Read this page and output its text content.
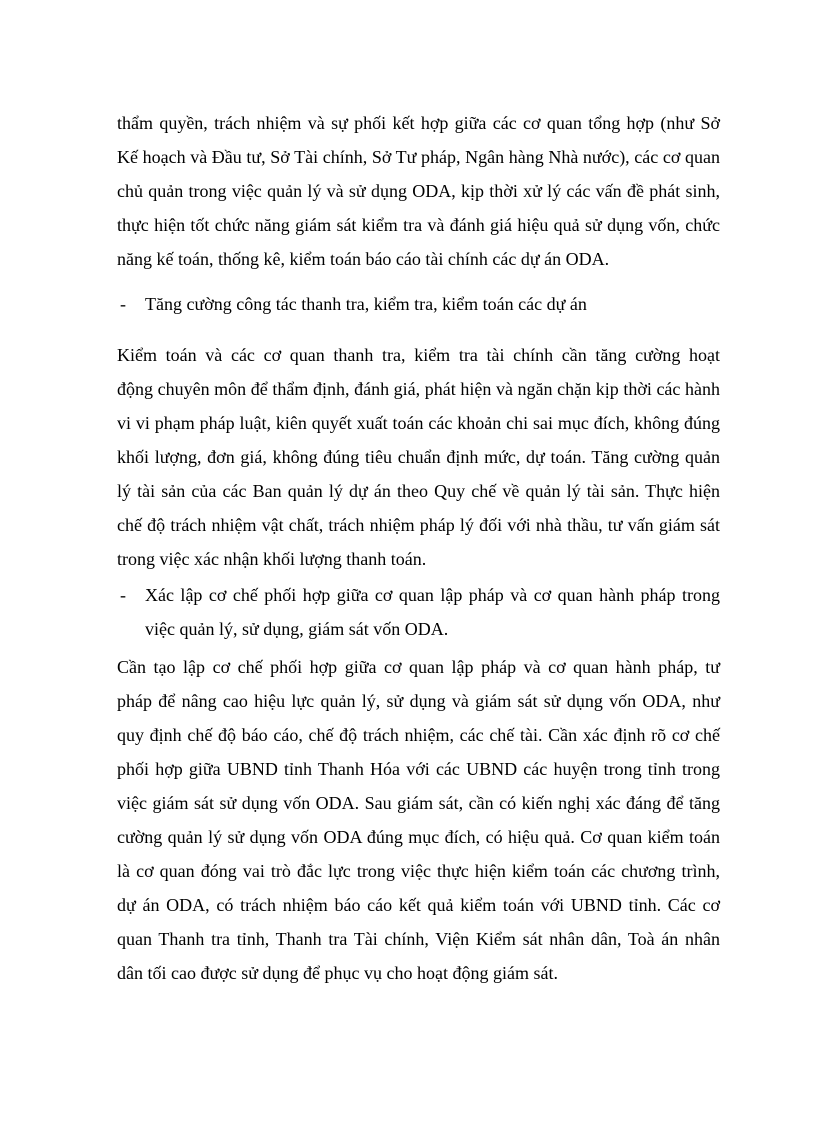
thẩm quyền, trách nhiệm và sự phối kết hợp giữa các cơ quan tổng hợp (như Sở
Kế hoạch và Đầu tư, Sở Tài chính, Sở Tư pháp, Ngân hàng Nhà nước), các cơ quan
chủ quản trong việc quản lý và sử dụng ODA, kịp thời xử lý các vấn đề phát sinh,
thực hiện tốt chức năng giám sát kiểm tra và đánh giá hiệu quả sử dụng vốn, chức
năng kế toán, thống kê, kiểm toán báo cáo tài chính các dự án ODA.
- Tăng cường công tác thanh tra, kiểm tra, kiểm toán các dự án
Kiểm toán và các cơ quan thanh tra, kiểm tra tài chính cần tăng cường hoạt
động chuyên môn để thẩm định, đánh giá, phát hiện và ngăn chặn kịp thời các hành
vi vi phạm pháp luật, kiên quyết xuất toán các khoản chi sai mục đích, không đúng
khối lượng, đơn giá, không đúng tiêu chuẩn định mức, dự toán. Tăng cường quản
lý tài sản của các Ban quản lý dự án theo Quy chế về quản lý tài sản. Thực hiện
chế độ trách nhiệm vật chất, trách nhiệm pháp lý đối với nhà thầu, tư vấn giám sát
trong việc xác nhận khối lượng thanh toán.
- Xác lập cơ chế phối hợp giữa cơ quan lập pháp và cơ quan hành pháp trong
việc quản lý, sử dụng, giám sát vốn ODA.
Cần tạo lập cơ chế phối hợp giữa cơ quan lập pháp và cơ quan hành pháp, tư
pháp để nâng cao hiệu lực quản lý, sử dụng và giám sát sử dụng vốn ODA, như
quy định chế độ báo cáo, chế độ trách nhiệm, các chế tài. Cần xác định rõ cơ chế
phối hợp giữa UBND tỉnh Thanh Hóa với các UBND các huyện trong tỉnh trong
việc giám sát sử dụng vốn ODA. Sau giám sát, cần có kiến nghị xác đáng để tăng
cường quản lý sử dụng vốn ODA đúng mục đích, có hiệu quả. Cơ quan kiểm toán
là cơ quan đóng vai trò đắc lực trong việc thực hiện kiểm toán các chương trình,
dự án ODA, có trách nhiệm báo cáo kết quả kiểm toán với UBND tỉnh. Các cơ
quan Thanh tra tỉnh, Thanh tra Tài chính, Viện Kiểm sát nhân dân, Toà án nhân
dân tối cao được sử dụng để phục vụ cho hoạt động giám sát.
